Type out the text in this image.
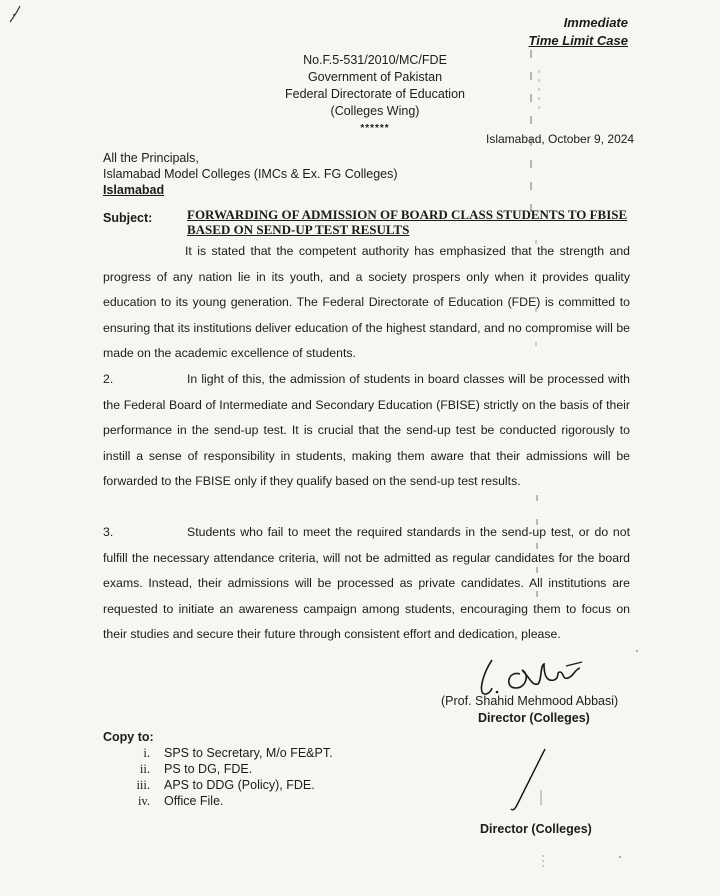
Immediate
Time Limit Case
No.F.5-531/2010/MC/FDE
Government of Pakistan
Federal Directorate of Education
(Colleges Wing)
******
Islamabad, October 9, 2024
All the Principals,
Islamabad Model Colleges (IMCs & Ex. FG Colleges)
Islamabad
Subject:	FORWARDING OF ADMISSION OF BOARD CLASS STUDENTS TO FBISE BASED ON SEND-UP TEST RESULTS
It is stated that the competent authority has emphasized that the strength and progress of any nation lie in its youth, and a society prospers only when it provides quality education to its young generation. The Federal Directorate of Education (FDE) is committed to ensuring that its institutions deliver education of the highest standard, and no compromise will be made on the academic excellence of students.
2.	In light of this, the admission of students in board classes will be processed with the Federal Board of Intermediate and Secondary Education (FBISE) strictly on the basis of their performance in the send-up test. It is crucial that the send-up test be conducted rigorously to instill a sense of responsibility in students, making them aware that their admissions will be forwarded to the FBISE only if they qualify based on the send-up test results.
3.	Students who fail to meet the required standards in the send-up test, or do not fulfill the necessary attendance criteria, will not be admitted as regular candidates for the board exams. Instead, their admissions will be processed as private candidates. All institutions are requested to initiate an awareness campaign among students, encouraging them to focus on their studies and secure their future through consistent effort and dedication, please.
(Prof. Shahid Mehmood Abbasi)
Director (Colleges)
Copy to:
i.	SPS to Secretary, M/o FE&PT.
ii.	PS to DG, FDE.
iii.	APS to DDG (Policy), FDE.
iv.	Office File.
Director (Colleges)
